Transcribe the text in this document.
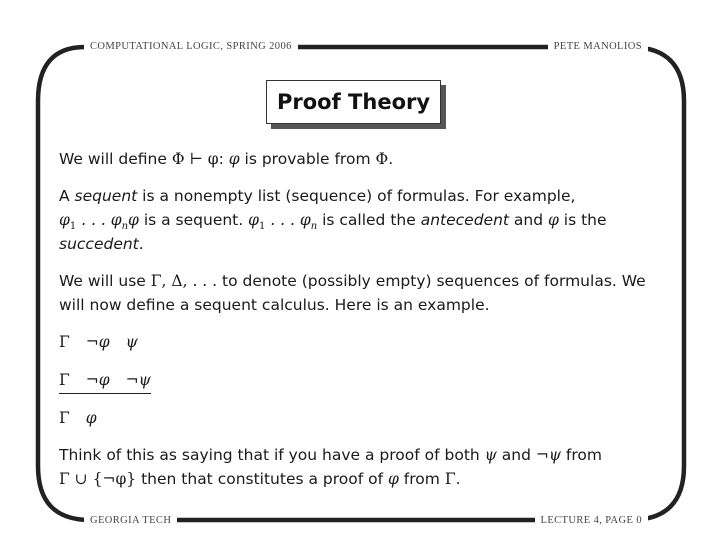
COMPUTATIONAL LOGIC, SPRING 2006	PETE MANOLIOS
GEORGIA TECH	LECTURE 4, PAGE 0
Proof Theory

We will define Φ ⊢ φ: φ is provable from Φ.

A sequent is a nonempty list (sequence) of formulas. For example,
$\varphi_1$ . . . $\varphi_n\varphi$ is a sequent. $\varphi_1$ . . . $\varphi_n$ is called the antecedent and φ is the
succedent.

We will use Γ, Δ, . . . to denote (possibly empty) sequences of formulas. We will now define a sequent calculus. Here is an example.

Γ ¬φ ψ
Γ ¬φ ¬ψ
Γ φ

Think of this as saying that if you have a proof of both ψ and ¬ψ from
Γ ∪ {¬φ} then that constitutes a proof of φ from Γ.
